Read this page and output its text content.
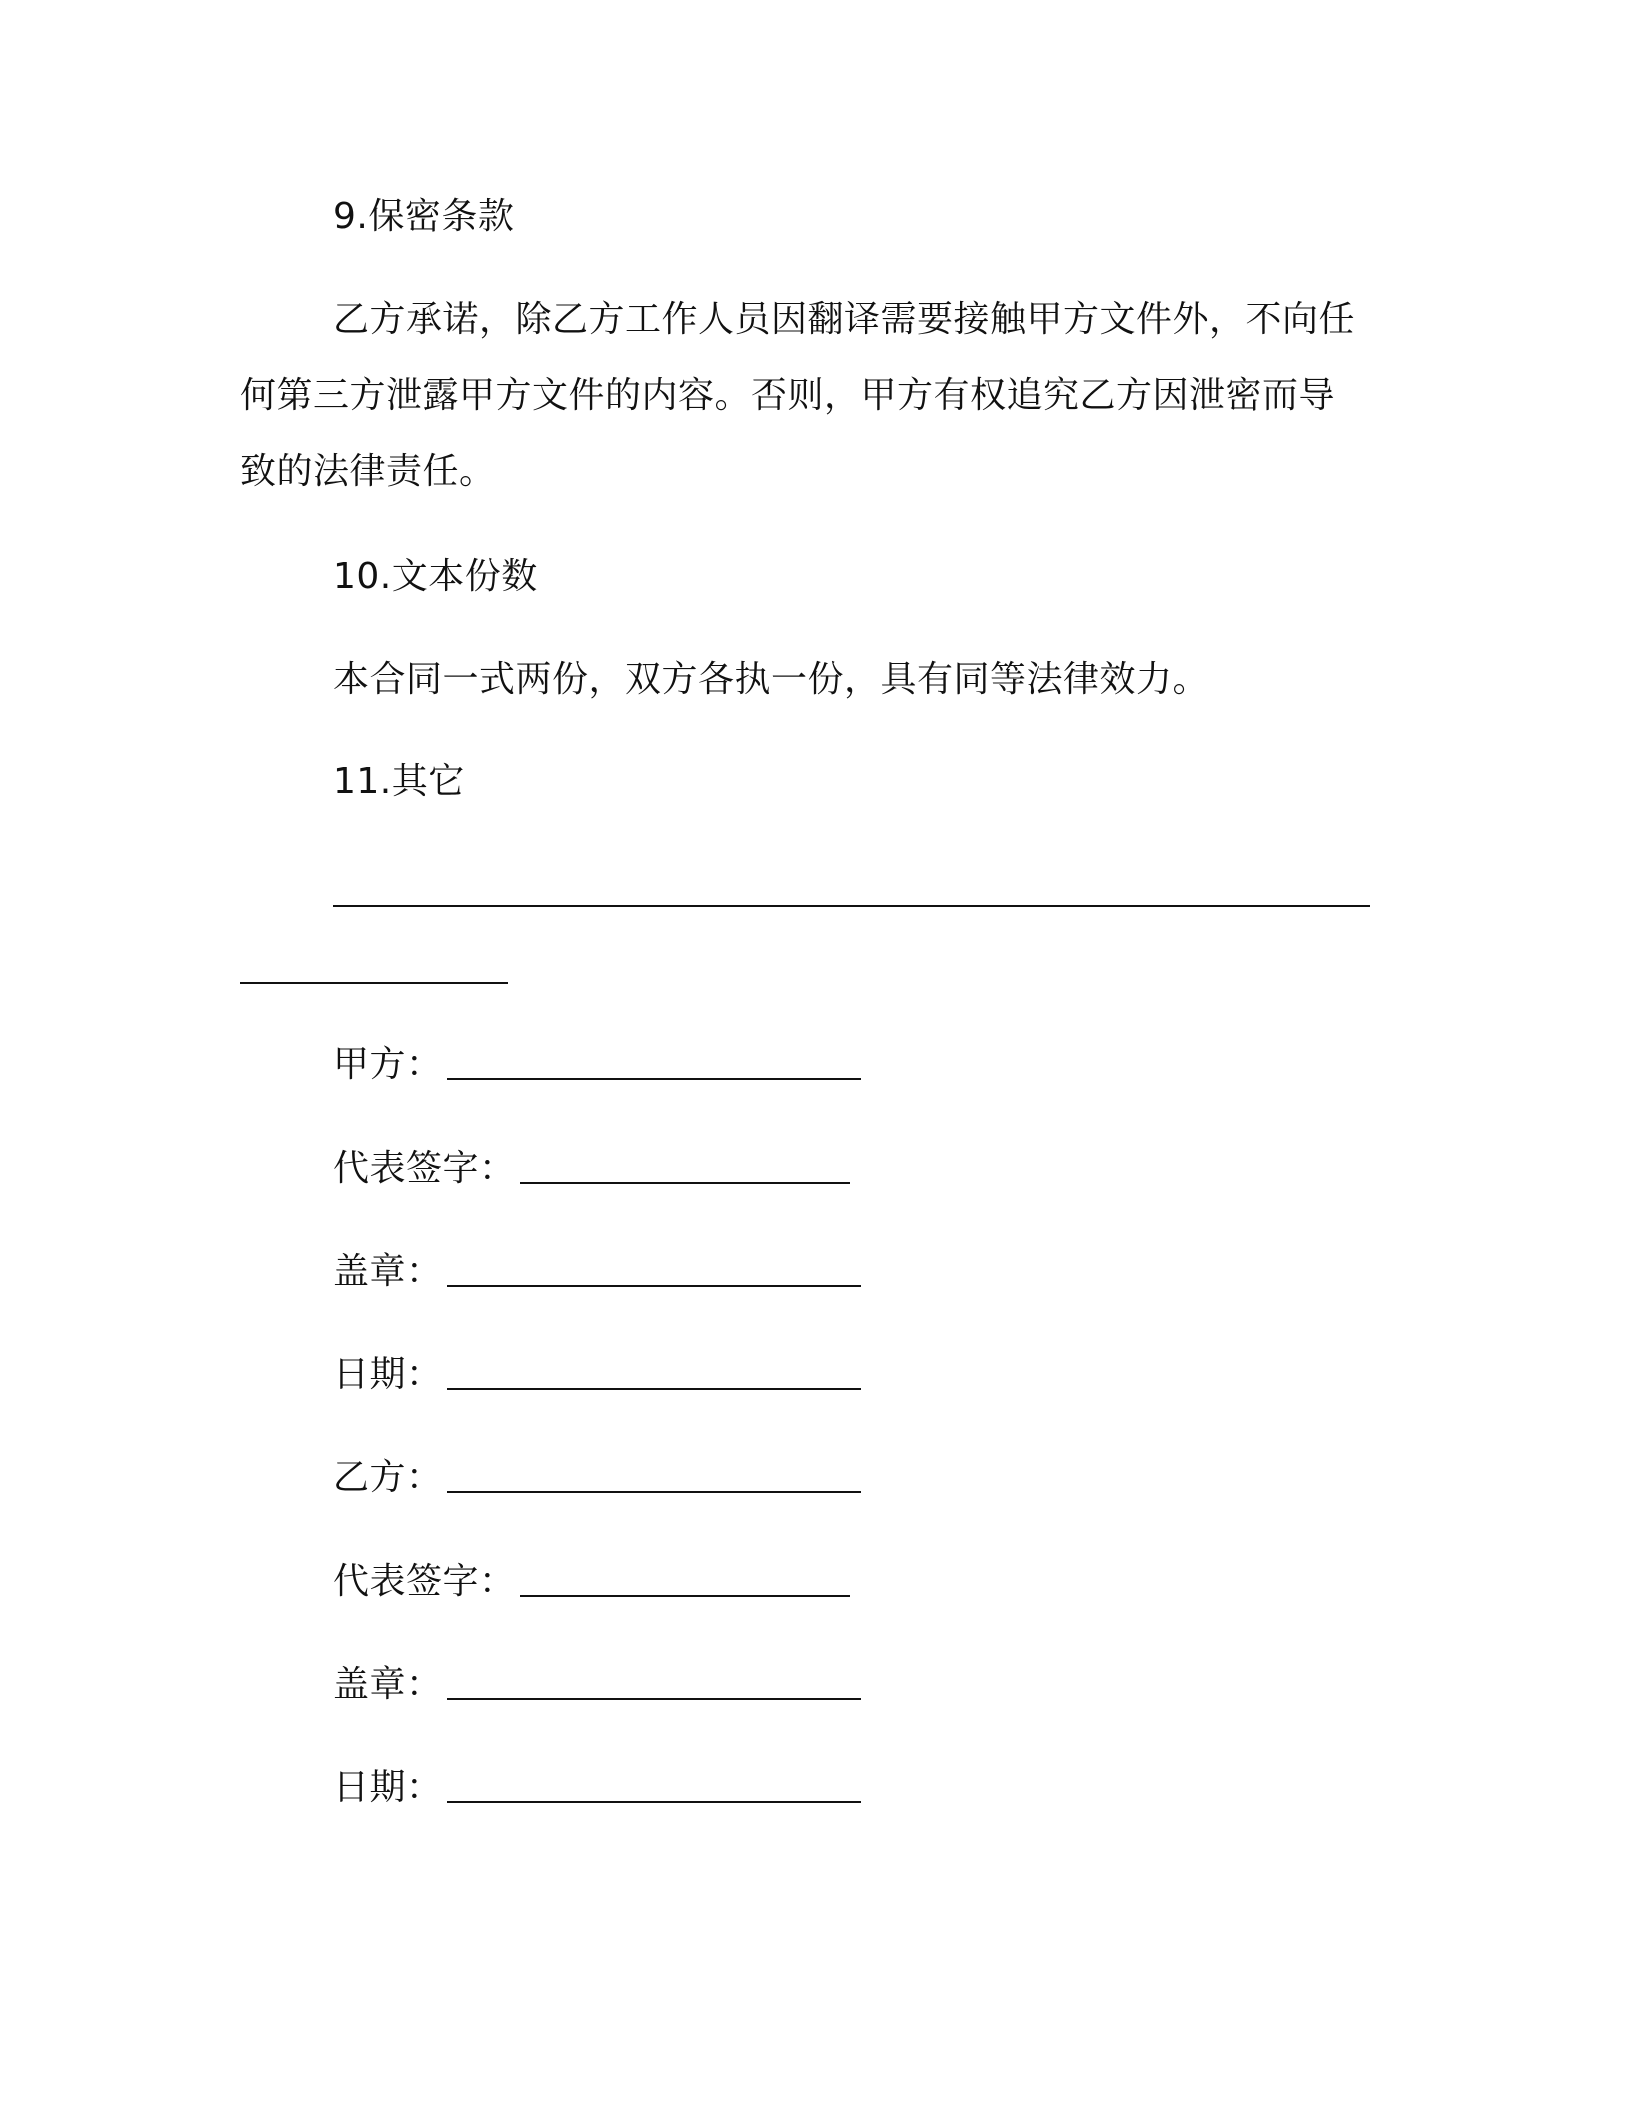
9.保密条款
乙方承诺，除乙方工作人员因翻译需要接触甲方文件外，不向任
何第三方泄露甲方文件的内容。否则，甲方有权追究乙方因泄密而导
致的法律责任。
10.文本份数
本合同一式两份，双方各执一份，具有同等法律效力。
11.其它
甲方：
代表签字：
盖章：
日期：
乙方：
代表签字：
盖章：
日期：
